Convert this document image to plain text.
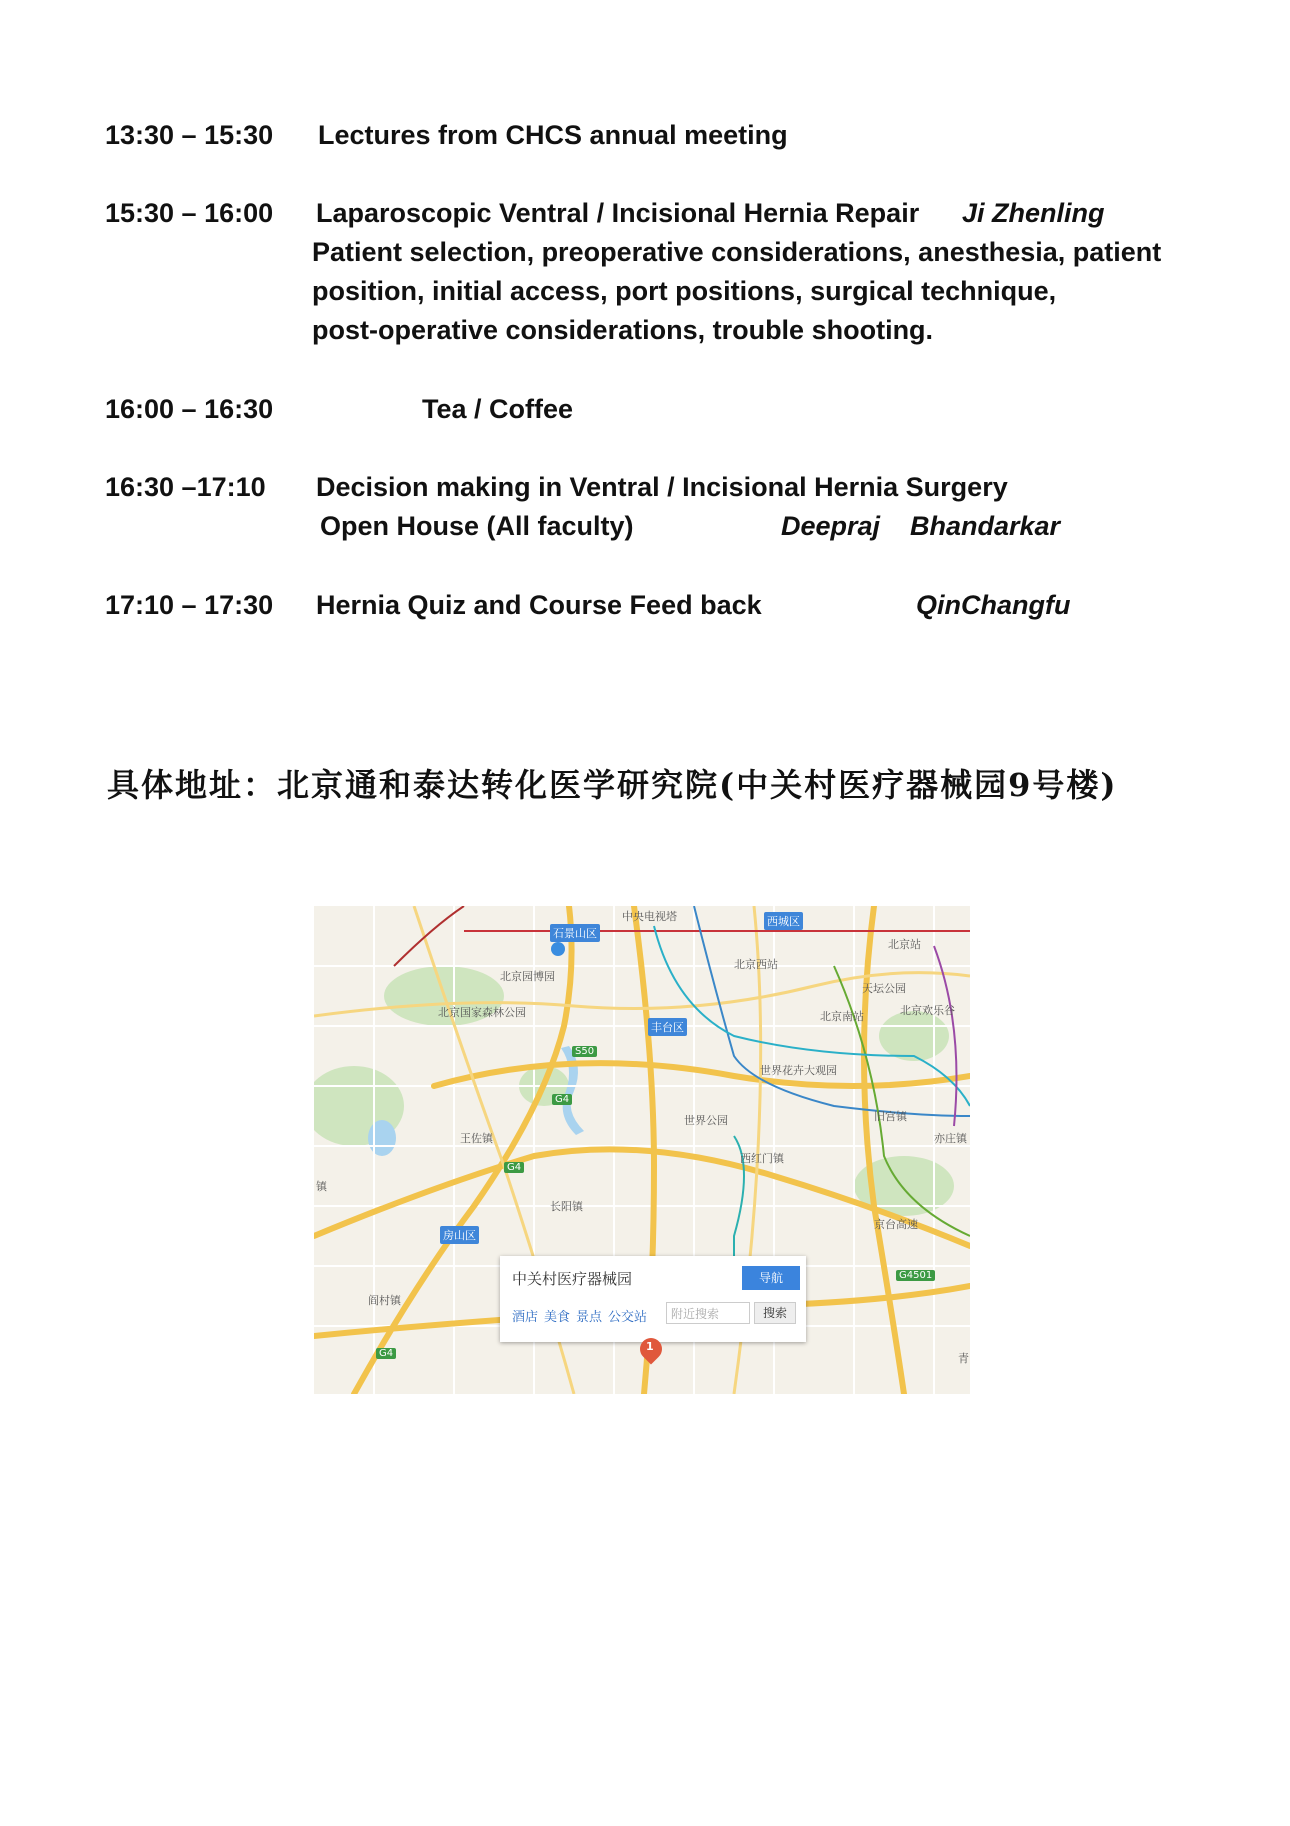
13:30 – 15:30 Lectures from CHCS annual meeting
15:30 – 16:00 Laparoscopic Ventral / Incisional Hernia Repair Ji Zhenling
Patient selection, preoperative considerations, anesthesia, patient
position, initial access, port positions, surgical technique,
post-operative considerations, trouble shooting.
16:00 – 16:30	Tea / Coffee
16:30 –17:10 Decision making in Ventral / Incisional Hernia Surgery
Open House (All faculty)	Deepraj Bhandarkar
17:10 – 17:30 Hernia Quiz and Course Feed back	QinChangfu
具体地址：北京通和泰达转化医学研究院(中关村医疗器械园9号楼)
中央电视塔
石景山区
西城区
北京站
北京西站
北京园博园
天坛公园
北京国家森林公园	北京南站	北京欢乐谷
丰台区
S50
世界花卉大观园
G4
世界公园	旧宫镇
王佐镇	亦庄镇
西红门镇
G4
镇
长阳镇
京台高速
房山区
G4501
阎村镇
G4	青
中关村医疗器械园	导航
酒店 美食 景点 公交站	附近搜索	搜索
1
